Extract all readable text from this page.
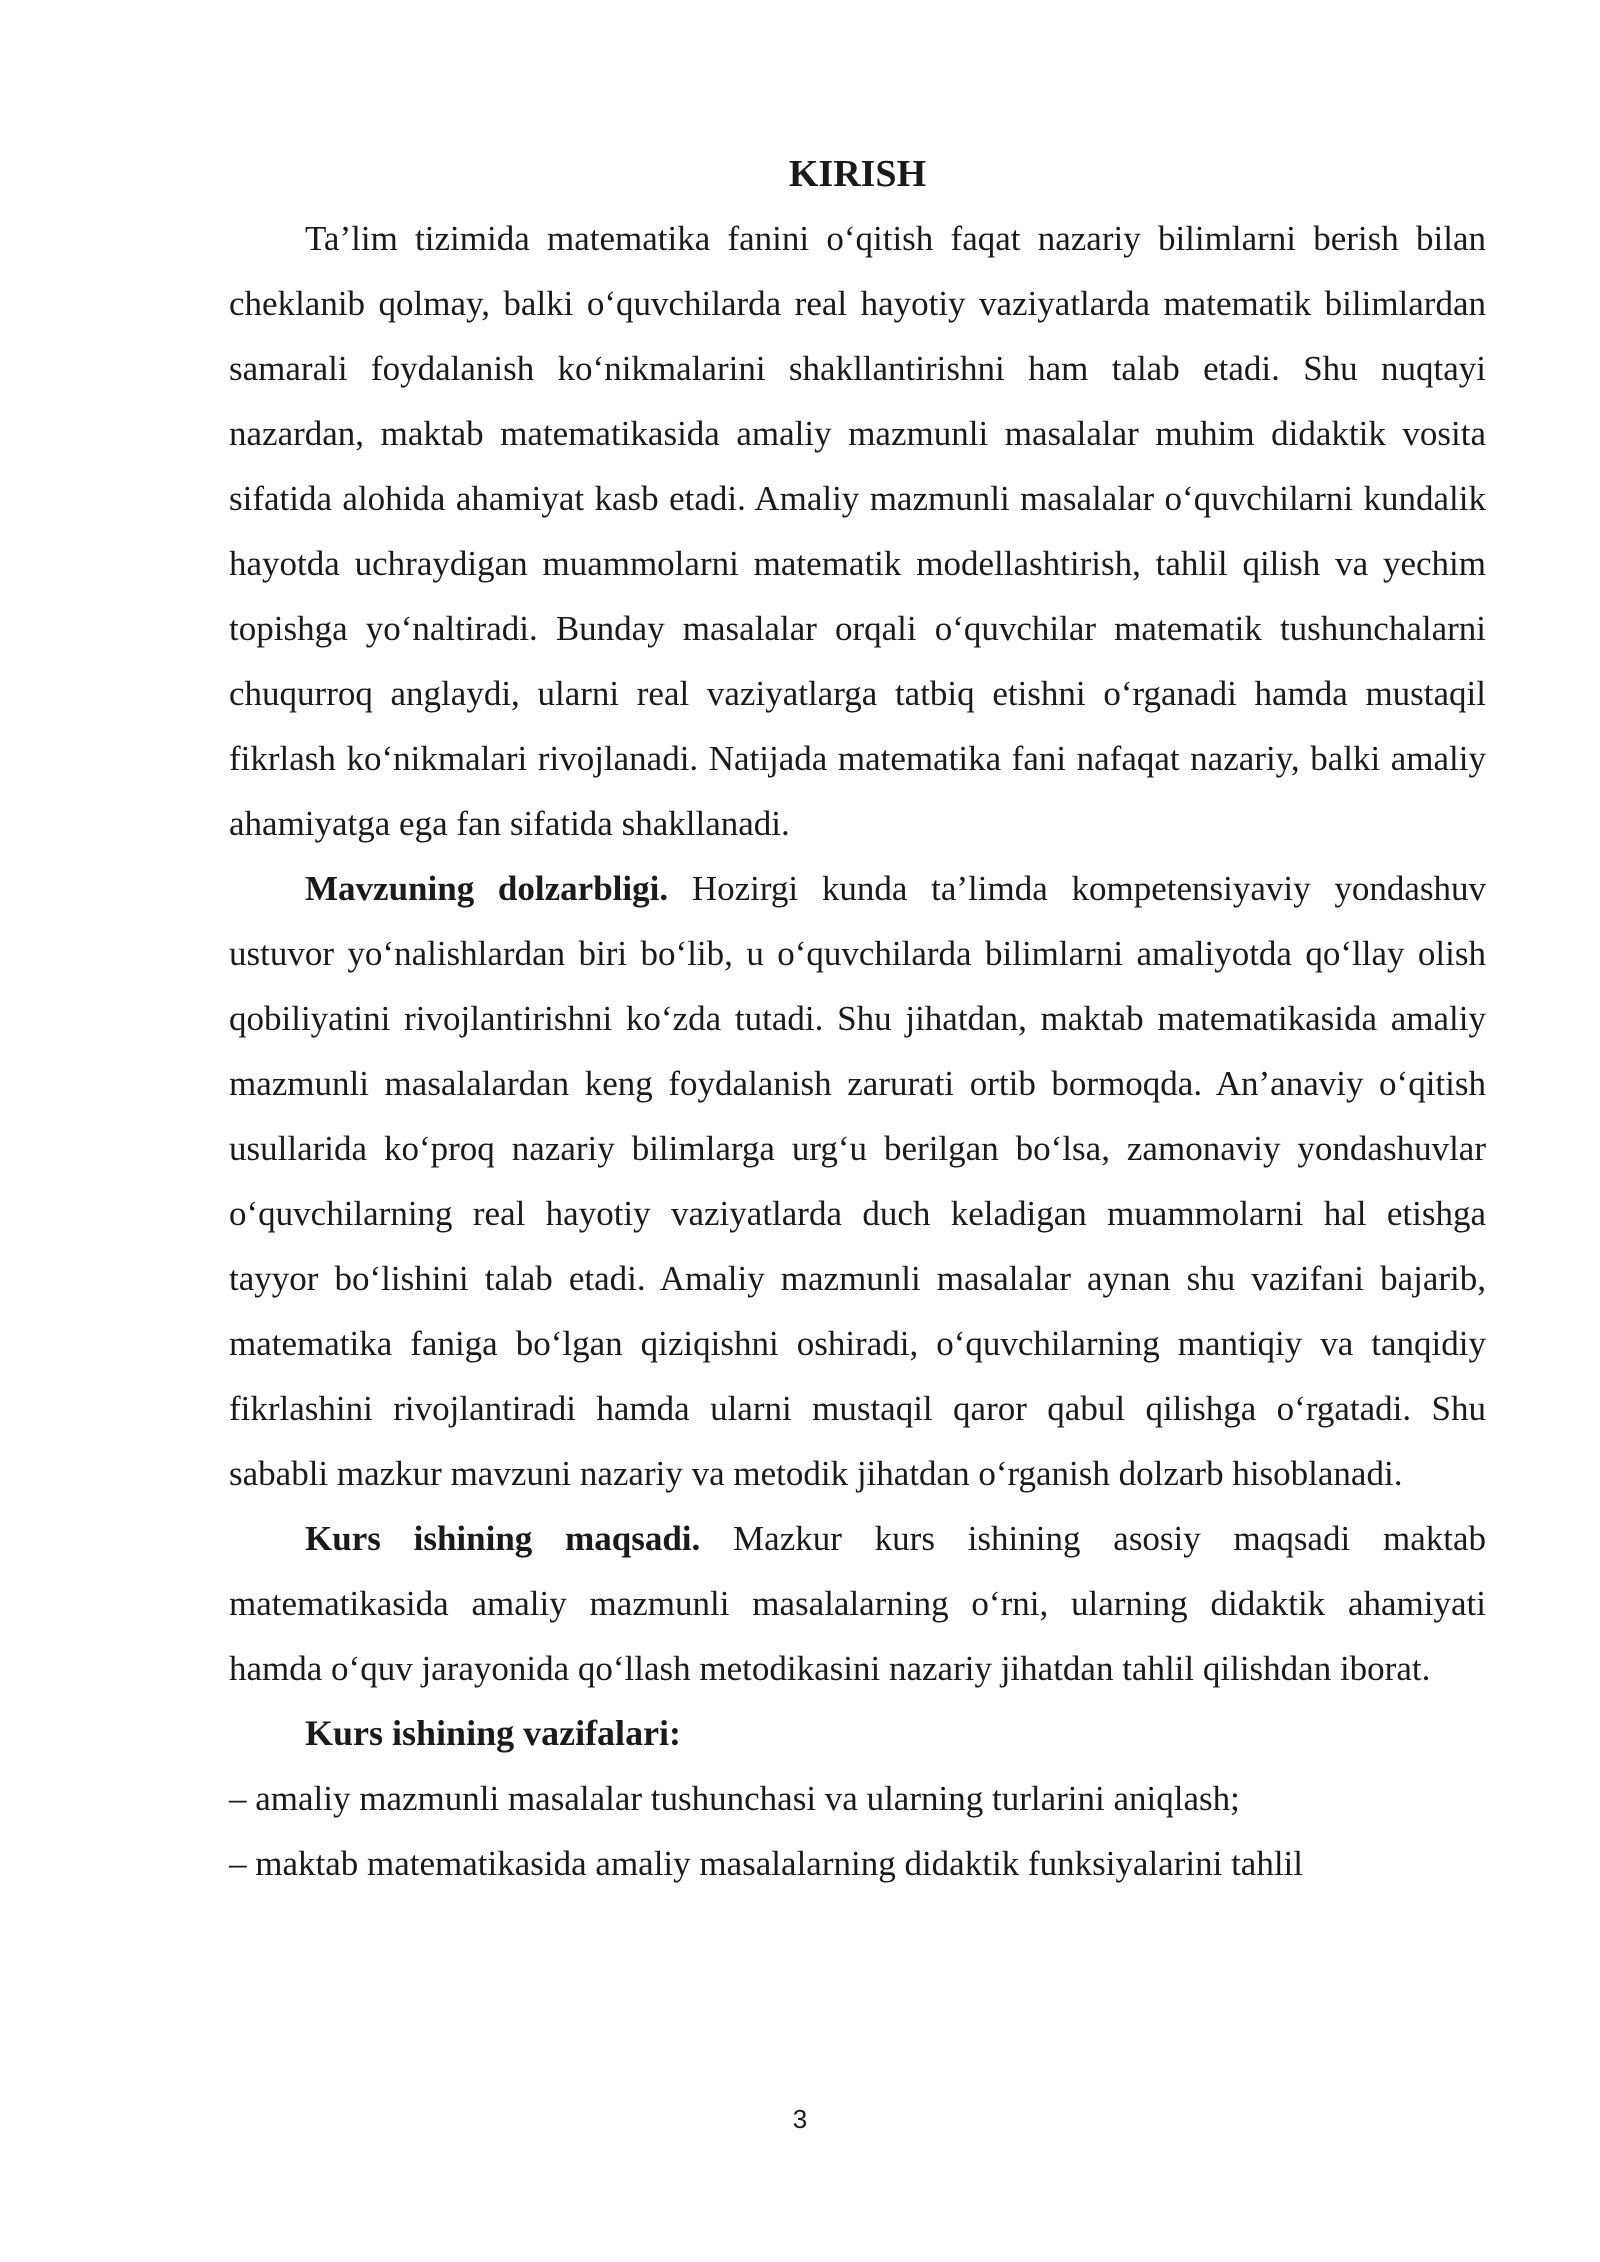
KIRISH

Ta’lim tizimida matematika fanini o‘qitish faqat nazariy bilimlarni berish bilan cheklanib qolmay, balki o‘quvchilarda real hayotiy vaziyatlarda matematik bilimlardan samarali foydalanish ko‘nikmalarini shakllantirishni ham talab etadi. Shu nuqtayi nazardan, maktab matematikasida amaliy mazmunli masalalar muhim didaktik vosita sifatida alohida ahamiyat kasb etadi. Amaliy mazmunli masalalar o‘quvchilarni kundalik hayotda uchraydigan muammolarni matematik modellashtirish, tahlil qilish va yechim topishga yo‘naltiradi. Bunday masalalar orqali o‘quvchilar matematik tushunchalarni chuqurroq anglaydi, ularni real vaziyatlarga tatbiq etishni o‘rganadi hamda mustaqil fikrlash ko‘nikmalari rivojlanadi. Natijada matematika fani nafaqat nazariy, balki amaliy ahamiyatga ega fan sifatida shakllanadi.

Mavzuning dolzarbligi. Hozirgi kunda ta’limda kompetensiyaviy yondashuv ustuvor yo‘nalishlardan biri bo‘lib, u o‘quvchilarda bilimlarni amaliyotda qo‘llay olish qobiliyatini rivojlantirishni ko‘zda tutadi. Shu jihatdan, maktab matematikasida amaliy mazmunli masalalardan keng foydalanish zarurati ortib bormoqda. An’anaviy o‘qitish usullarida ko‘proq nazariy bilimlarga urg‘u berilgan bo‘lsa, zamonaviy yondashuvlar o‘quvchilarning real hayotiy vaziyatlarda duch keladigan muammolarni hal etishga tayyor bo‘lishini talab etadi. Amaliy mazmunli masalalar aynan shu vazifani bajarib, matematika faniga bo‘lgan qiziqishni oshiradi, o‘quvchilarning mantiqiy va tanqidiy fikrlashini rivojlantiradi hamda ularni mustaqil qaror qabul qilishga o‘rgatadi. Shu sababli mazkur mavzuni nazariy va metodik jihatdan o‘rganish dolzarb hisoblanadi.

Kurs ishining maqsadi. Mazkur kurs ishining asosiy maqsadi maktab matematikasida amaliy mazmunli masalalarning o‘rni, ularning didaktik ahamiyati hamda o‘quv jarayonida qo‘llash metodikasini nazariy jihatdan tahlil qilishdan iborat.

Kurs ishining vazifalari:

– amaliy mazmunli masalalar tushunchasi va ularning turlarini aniqlash;
– maktab matematikasida amaliy masalalarning didaktik funksiyalarini tahlil
3
